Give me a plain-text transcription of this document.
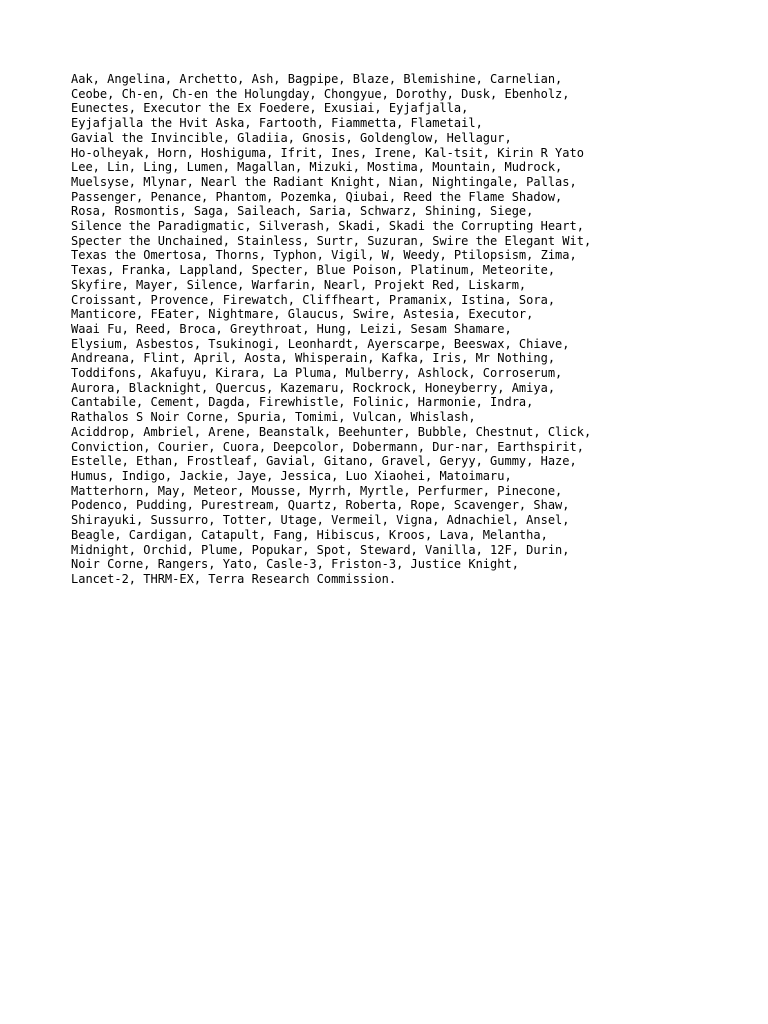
Aak, Angelina, Archetto, Ash, Bagpipe, Blaze, Blemishine, Carnelian,
Ceobe, Ch-en, Ch-en the Holungday, Chongyue, Dorothy, Dusk, Ebenholz,
Eunectes, Executor the Ex Foedere, Exusiai, Eyjafjalla,
Eyjafjalla the Hvit Aska, Fartooth, Fiammetta, Flametail,
Gavial the Invincible, Gladiia, Gnosis, Goldenglow, Hellagur,
Ho-olheyak, Horn, Hoshiguma, Ifrit, Ines, Irene, Kal-tsit, Kirin R Yato
Lee, Lin, Ling, Lumen, Magallan, Mizuki, Mostima, Mountain, Mudrock,
Muelsyse, Mlynar, Nearl the Radiant Knight, Nian, Nightingale, Pallas,
Passenger, Penance, Phantom, Pozemka, Qiubai, Reed the Flame Shadow,
Rosa, Rosmontis, Saga, Saileach, Saria, Schwarz, Shining, Siege,
Silence the Paradigmatic, Silverash, Skadi, Skadi the Corrupting Heart,
Specter the Unchained, Stainless, Surtr, Suzuran, Swire the Elegant Wit,
Texas the Omertosa, Thorns, Typhon, Vigil, W, Weedy, Ptilopsism, Zima,
Texas, Franka, Lappland, Specter, Blue Poison, Platinum, Meteorite,
Skyfire, Mayer, Silence, Warfarin, Nearl, Projekt Red, Liskarm,
Croissant, Provence, Firewatch, Cliffheart, Pramanix, Istina, Sora,
Manticore, FEater, Nightmare, Glaucus, Swire, Astesia, Executor,
Waai Fu, Reed, Broca, Greythroat, Hung, Leizi, Sesam Shamare,
Elysium, Asbestos, Tsukinogi, Leonhardt, Ayerscarpe, Beeswax, Chiave,
Andreana, Flint, April, Aosta, Whisperain, Kafka, Iris, Mr Nothing,
Toddifons, Akafuyu, Kirara, La Pluma, Mulberry, Ashlock, Corroserum,
Aurora, Blacknight, Quercus, Kazemaru, Rockrock, Honeyberry, Amiya,
Cantabile, Cement, Dagda, Firewhistle, Folinic, Harmonie, Indra,
Rathalos S Noir Corne, Spuria, Tomimi, Vulcan, Whislash,
Aciddrop, Ambriel, Arene, Beanstalk, Beehunter, Bubble, Chestnut, Click,
Conviction, Courier, Cuora, Deepcolor, Dobermann, Dur-nar, Earthspirit,
Estelle, Ethan, Frostleaf, Gavial, Gitano, Gravel, Geryy, Gummy, Haze,
Humus, Indigo, Jackie, Jaye, Jessica, Luo Xiaohei, Matoimaru,
Matterhorn, May, Meteor, Mousse, Myrrh, Myrtle, Perfurmer, Pinecone,
Podenco, Pudding, Purestream, Quartz, Roberta, Rope, Scavenger, Shaw,
Shirayuki, Sussurro, Totter, Utage, Vermeil, Vigna, Adnachiel, Ansel,
Beagle, Cardigan, Catapult, Fang, Hibiscus, Kroos, Lava, Melantha,
Midnight, Orchid, Plume, Popukar, Spot, Steward, Vanilla, 12F, Durin,
Noir Corne, Rangers, Yato, Casle-3, Friston-3, Justice Knight,
Lancet-2, THRM-EX, Terra Research Commission.
